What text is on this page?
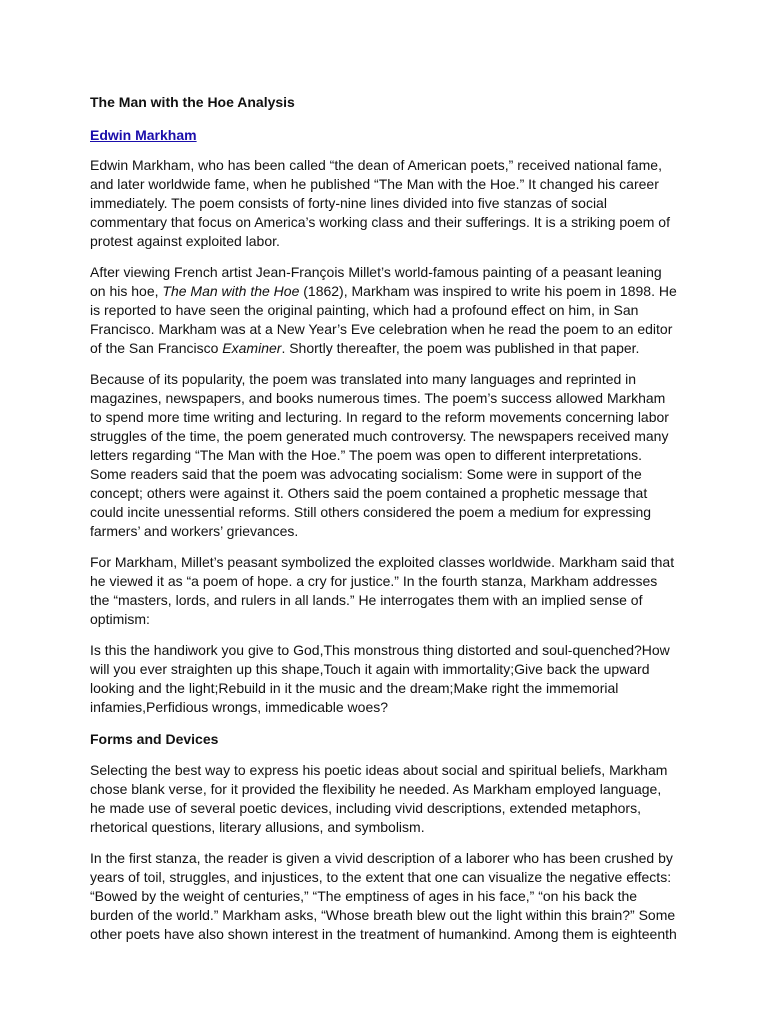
The Man with the Hoe Analysis
Edwin Markham

Edwin Markham, who has been called “the dean of American poets,” received national fame, and later worldwide fame, when he published “The Man with the Hoe.” It changed his career immediately. The poem consists of forty-nine lines divided into five stanzas of social commentary that focus on America’s working class and their sufferings. It is a striking poem of protest against exploited labor.

After viewing French artist Jean-François Millet’s world-famous painting of a peasant leaning on his hoe, The Man with the Hoe (1862), Markham was inspired to write his poem in 1898. He is reported to have seen the original painting, which had a profound effect on him, in San Francisco. Markham was at a New Year’s Eve celebration when he read the poem to an editor of the San Francisco Examiner. Shortly thereafter, the poem was published in that paper.

Because of its popularity, the poem was translated into many languages and reprinted in magazines, newspapers, and books numerous times. The poem’s success allowed Markham to spend more time writing and lecturing. In regard to the reform movements concerning labor struggles of the time, the poem generated much controversy. The newspapers received many letters regarding “The Man with the Hoe.” The poem was open to different interpretations. Some readers said that the poem was advocating socialism: Some were in support of the concept; others were against it. Others said the poem contained a prophetic message that could incite unessential reforms. Still others considered the poem a medium for expressing farmers’ and workers’ grievances.

For Markham, Millet’s peasant symbolized the exploited classes worldwide. Markham said that he viewed it as “a poem of hope. a cry for justice.” In the fourth stanza, Markham addresses the “masters, lords, and rulers in all lands.” He interrogates them with an implied sense of optimism:

Is this the handiwork you give to God,This monstrous thing distorted and soul-quenched?How will you ever straighten up this shape,Touch it again with immortality;Give back the upward looking and the light;Rebuild in it the music and the dream;Make right the immemorial infamies,Perfidious wrongs, immedicable woes?

Forms and Devices

Selecting the best way to express his poetic ideas about social and spiritual beliefs, Markham chose blank verse, for it provided the flexibility he needed. As Markham employed language, he made use of several poetic devices, including vivid descriptions, extended metaphors, rhetorical questions, literary allusions, and symbolism.

In the first stanza, the reader is given a vivid description of a laborer who has been crushed by years of toil, struggles, and injustices, to the extent that one can visualize the negative effects: “Bowed by the weight of centuries,” “The emptiness of ages in his face,” “on his back the burden of the world.” Markham asks, “Whose breath blew out the light within this brain?” Some other poets have also shown interest in the treatment of humankind. Among them is eighteenth
